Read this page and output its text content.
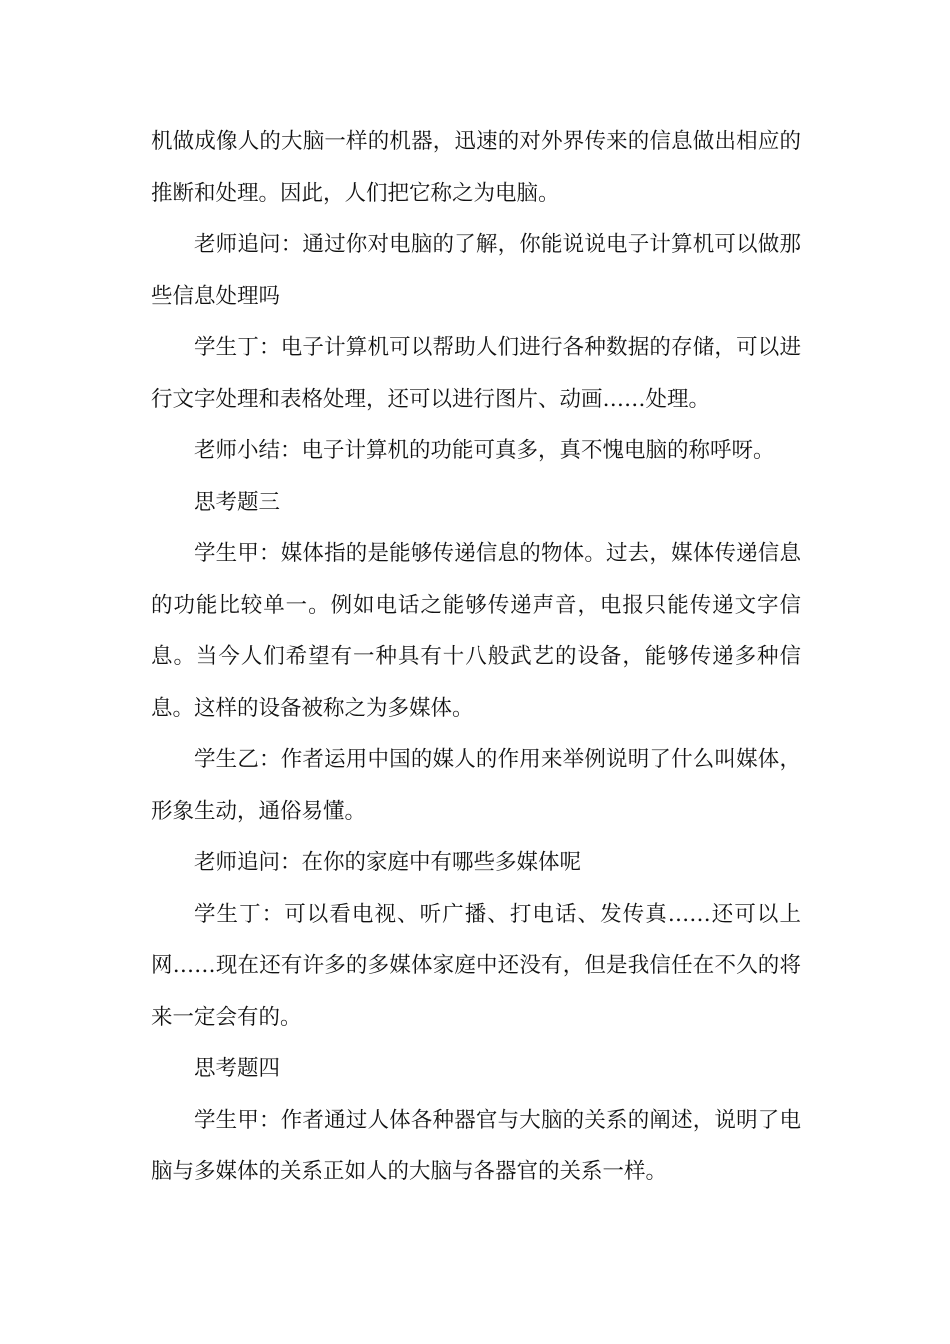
机做成像人的大脑一样的机器，迅速的对外界传来的信息做出相应的推断和处理。因此，人们把它称之为电脑。

老师追问：通过你对电脑的了解，你能说说电子计算机可以做那些信息处理吗

学生丁：电子计算机可以帮助人们进行各种数据的存储，可以进行文字处理和表格处理，还可以进行图片、动画……处理。

老师小结：电子计算机的功能可真多，真不愧电脑的称呼呀。

思考题三

学生甲：媒体指的是能够传递信息的物体。过去，媒体传递信息的功能比较单一。例如电话之能够传递声音，电报只能传递文字信息。当今人们希望有一种具有十八般武艺的设备，能够传递多种信息。这样的设备被称之为多媒体。

学生乙：作者运用中国的媒人的作用来举例说明了什么叫媒体，形象生动，通俗易懂。

老师追问：在你的家庭中有哪些多媒体呢

学生丁：可以看电视、听广播、打电话、发传真……还可以上网……现在还有许多的多媒体家庭中还没有，但是我信任在不久的将来一定会有的。

思考题四

学生甲：作者通过人体各种器官与大脑的关系的阐述，说明了电脑与多媒体的关系正如人的大脑与各器官的关系一样。
